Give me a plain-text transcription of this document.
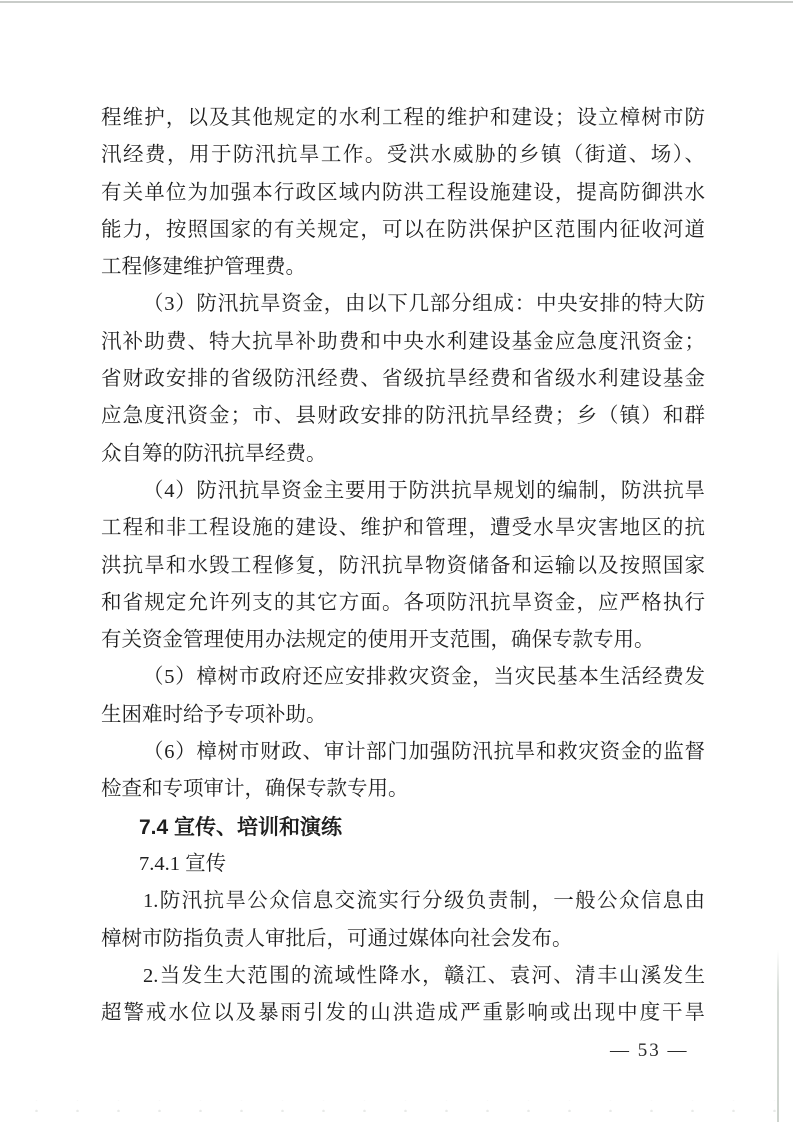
程维护，以及其他规定的水利工程的维护和建设；设立樟树市防
汛经费，用于防汛抗旱工作。受洪水威胁的乡镇（街道、场）、
有关单位为加强本行政区域内防洪工程设施建设，提高防御洪水
能力，按照国家的有关规定，可以在防洪保护区范围内征收河道
工程修建维护管理费。
（3）防汛抗旱资金，由以下几部分组成：中央安排的特大防
汛补助费、特大抗旱补助费和中央水利建设基金应急度汛资金；
省财政安排的省级防汛经费、省级抗旱经费和省级水利建设基金
应急度汛资金；市、县财政安排的防汛抗旱经费；乡（镇）和群
众自筹的防汛抗旱经费。
（4）防汛抗旱资金主要用于防洪抗旱规划的编制，防洪抗旱
工程和非工程设施的建设、维护和管理，遭受水旱灾害地区的抗
洪抗旱和水毁工程修复，防汛抗旱物资储备和运输以及按照国家
和省规定允许列支的其它方面。各项防汛抗旱资金，应严格执行
有关资金管理使用办法规定的使用开支范围，确保专款专用。
（5）樟树市政府还应安排救灾资金，当灾民基本生活经费发
生困难时给予专项补助。
（6）樟树市财政、审计部门加强防汛抗旱和救灾资金的监督
检查和专项审计，确保专款专用。
7.4 宣传、培训和演练
7.4.1 宣传
1.防汛抗旱公众信息交流实行分级负责制，一般公众信息由
樟树市防指负责人审批后，可通过媒体向社会发布。
2.当发生大范围的流域性降水，赣江、袁河、清丰山溪发生
超警戒水位以及暴雨引发的山洪造成严重影响或出现中度干旱
— 53 —
